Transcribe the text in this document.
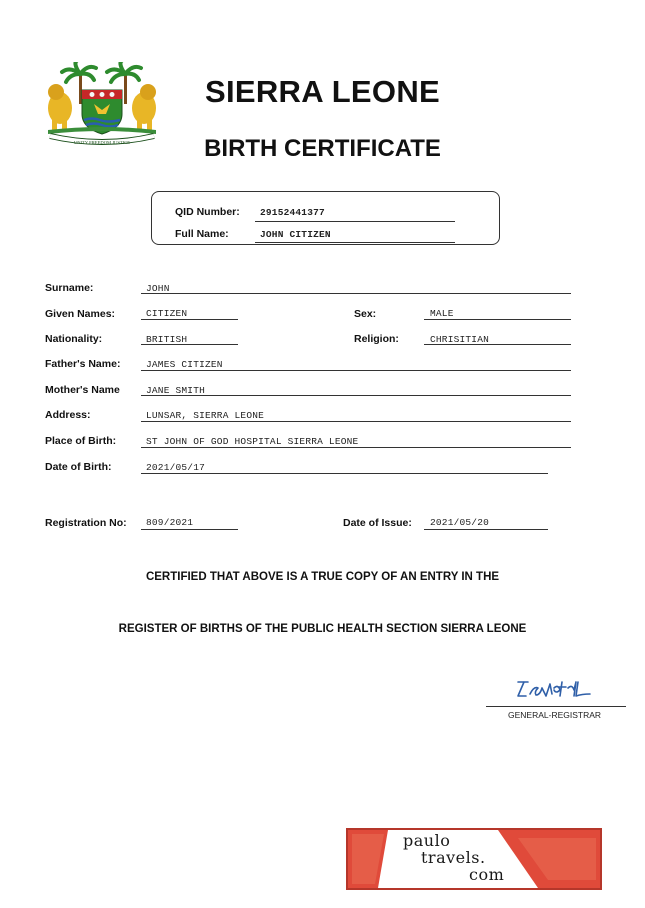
UNITY FREEDOM JUSTICE
SIERRA LEONE
BIRTH CERTIFICATE
QID Number: 29152441377
Full Name:	JOHN CITIZEN
Surname:	JOHN
Given Names:	CITIZEN	Sex:	MALE
Nationality:	BRITISH	Religion:	CHRISITIAN
Father's Name:	JAMES CITIZEN
Mother's Name	JANE SMITH
Address:	LUNSAR, SIERRA LEONE
Place of Birth:	ST JOHN OF GOD HOSPITAL SIERRA LEONE
Date of Birth:	2021/05/17
Registration No: 809/2021	Date of Issue: 2021/05/20
CERTIFIED THAT ABOVE IS A TRUE COPY OF AN ENTRY IN THE
REGISTER OF BIRTHS OF THE PUBLIC HEALTH SECTION SIERRA LEONE
GENERAL-REGISTRAR
paulo
travels.
com
